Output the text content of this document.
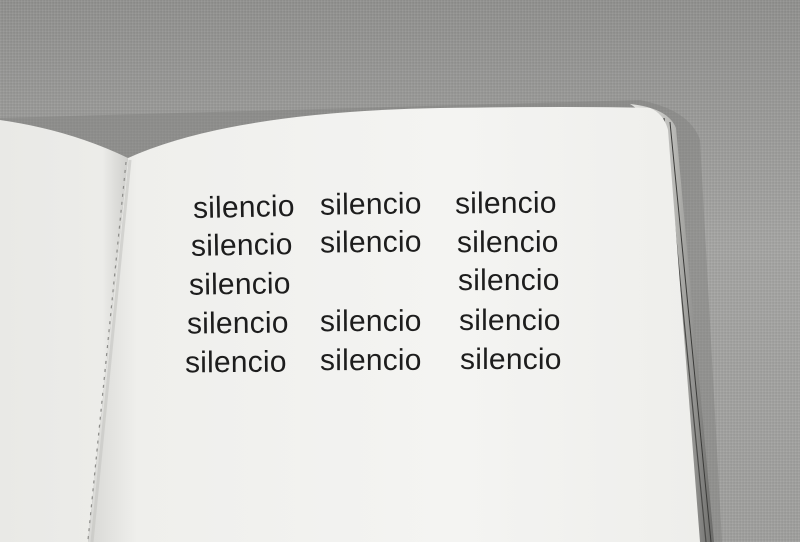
silencio silencio silencio
silencio silencio silencio
silencio	silencio
silencio silencio silencio
silencio silencio silencio
